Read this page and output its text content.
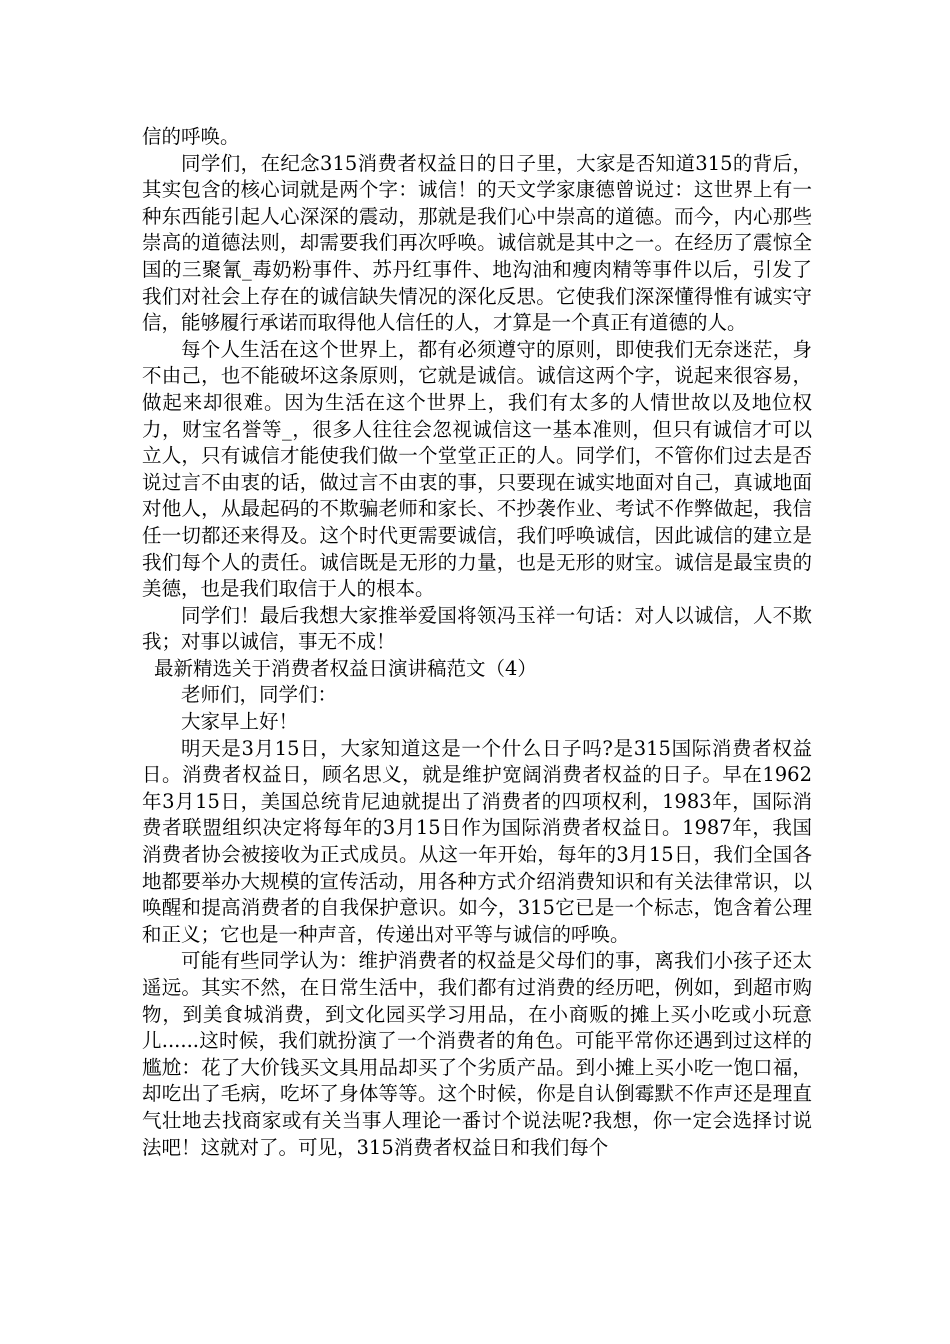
信的呼唤。

同学们，在纪念315消费者权益日的日子里，大家是否知道315的背后，其实包含的核心词就是两个字：诚信！的天文学家康德曾说过：这世界上有一种东西能引起人心深深的震动，那就是我们心中崇高的道德。而今，内心那些崇高的道德法则，却需要我们再次呼唤。诚信就是其中之一。在经历了震惊全国的三聚氰_毒奶粉事件、苏丹红事件、地沟油和瘦肉精等事件以后，引发了我们对社会上存在的诚信缺失情况的深化反思。它使我们深深懂得惟有诚实守信，能够履行承诺而取得他人信任的人，才算是一个真正有道德的人。

每个人生活在这个世界上，都有必须遵守的原则，即使我们无奈迷茫，身不由己，也不能破坏这条原则，它就是诚信。诚信这两个字，说起来很容易，做起来却很难。因为生活在这个世界上，我们有太多的人情世故以及地位权力，财宝名誉等_，很多人往往会忽视诚信这一基本准则，但只有诚信才可以立人，只有诚信才能使我们做一个堂堂正正的人。同学们，不管你们过去是否说过言不由衷的话，做过言不由衷的事，只要现在诚实地面对自己，真诚地面对他人，从最起码的不欺骗老师和家长、不抄袭作业、考试不作弊做起，我信任一切都还来得及。这个时代更需要诚信，我们呼唤诚信，因此诚信的建立是我们每个人的责任。诚信既是无形的力量，也是无形的财宝。诚信是最宝贵的美德，也是我们取信于人的根本。

同学们！最后我想大家推举爱国将领冯玉祥一句话：对人以诚信，人不欺我；对事以诚信，事无不成！

最新精选关于消费者权益日演讲稿范文（4）

老师们，同学们：

大家早上好！

明天是3月15日，大家知道这是一个什么日子吗?是315国际消费者权益日。消费者权益日，顾名思义，就是维护宽阔消费者权益的日子。早在1962年3月15日，美国总统肯尼迪就提出了消费者的四项权利，1983年，国际消费者联盟组织决定将每年的3月15日作为国际消费者权益日。1987年，我国消费者协会被接收为正式成员。从这一年开始，每年的3月15日，我们全国各地都要举办大规模的宣传活动，用各种方式介绍消费知识和有关法律常识，以唤醒和提高消费者的自我保护意识。如今，315它已是一个标志，饱含着公理和正义；它也是一种声音，传递出对平等与诚信的呼唤。

可能有些同学认为：维护消费者的权益是父母们的事，离我们小孩子还太遥远。其实不然，在日常生活中，我们都有过消费的经历吧，例如，到超市购物，到美食城消费，到文化园买学习用品，在小商贩的摊上买小吃或小玩意儿......这时候，我们就扮演了一个消费者的角色。可能平常你还遇到过这样的尴尬：花了大价钱买文具用品却买了个劣质产品。到小摊上买小吃一饱口福，却吃出了毛病，吃坏了身体等等。这个时候，你是自认倒霉默不作声还是理直气壮地去找商家或有关当事人理论一番讨个说法呢?我想，你一定会选择讨说法吧！这就对了。可见，315消费者权益日和我们每个
